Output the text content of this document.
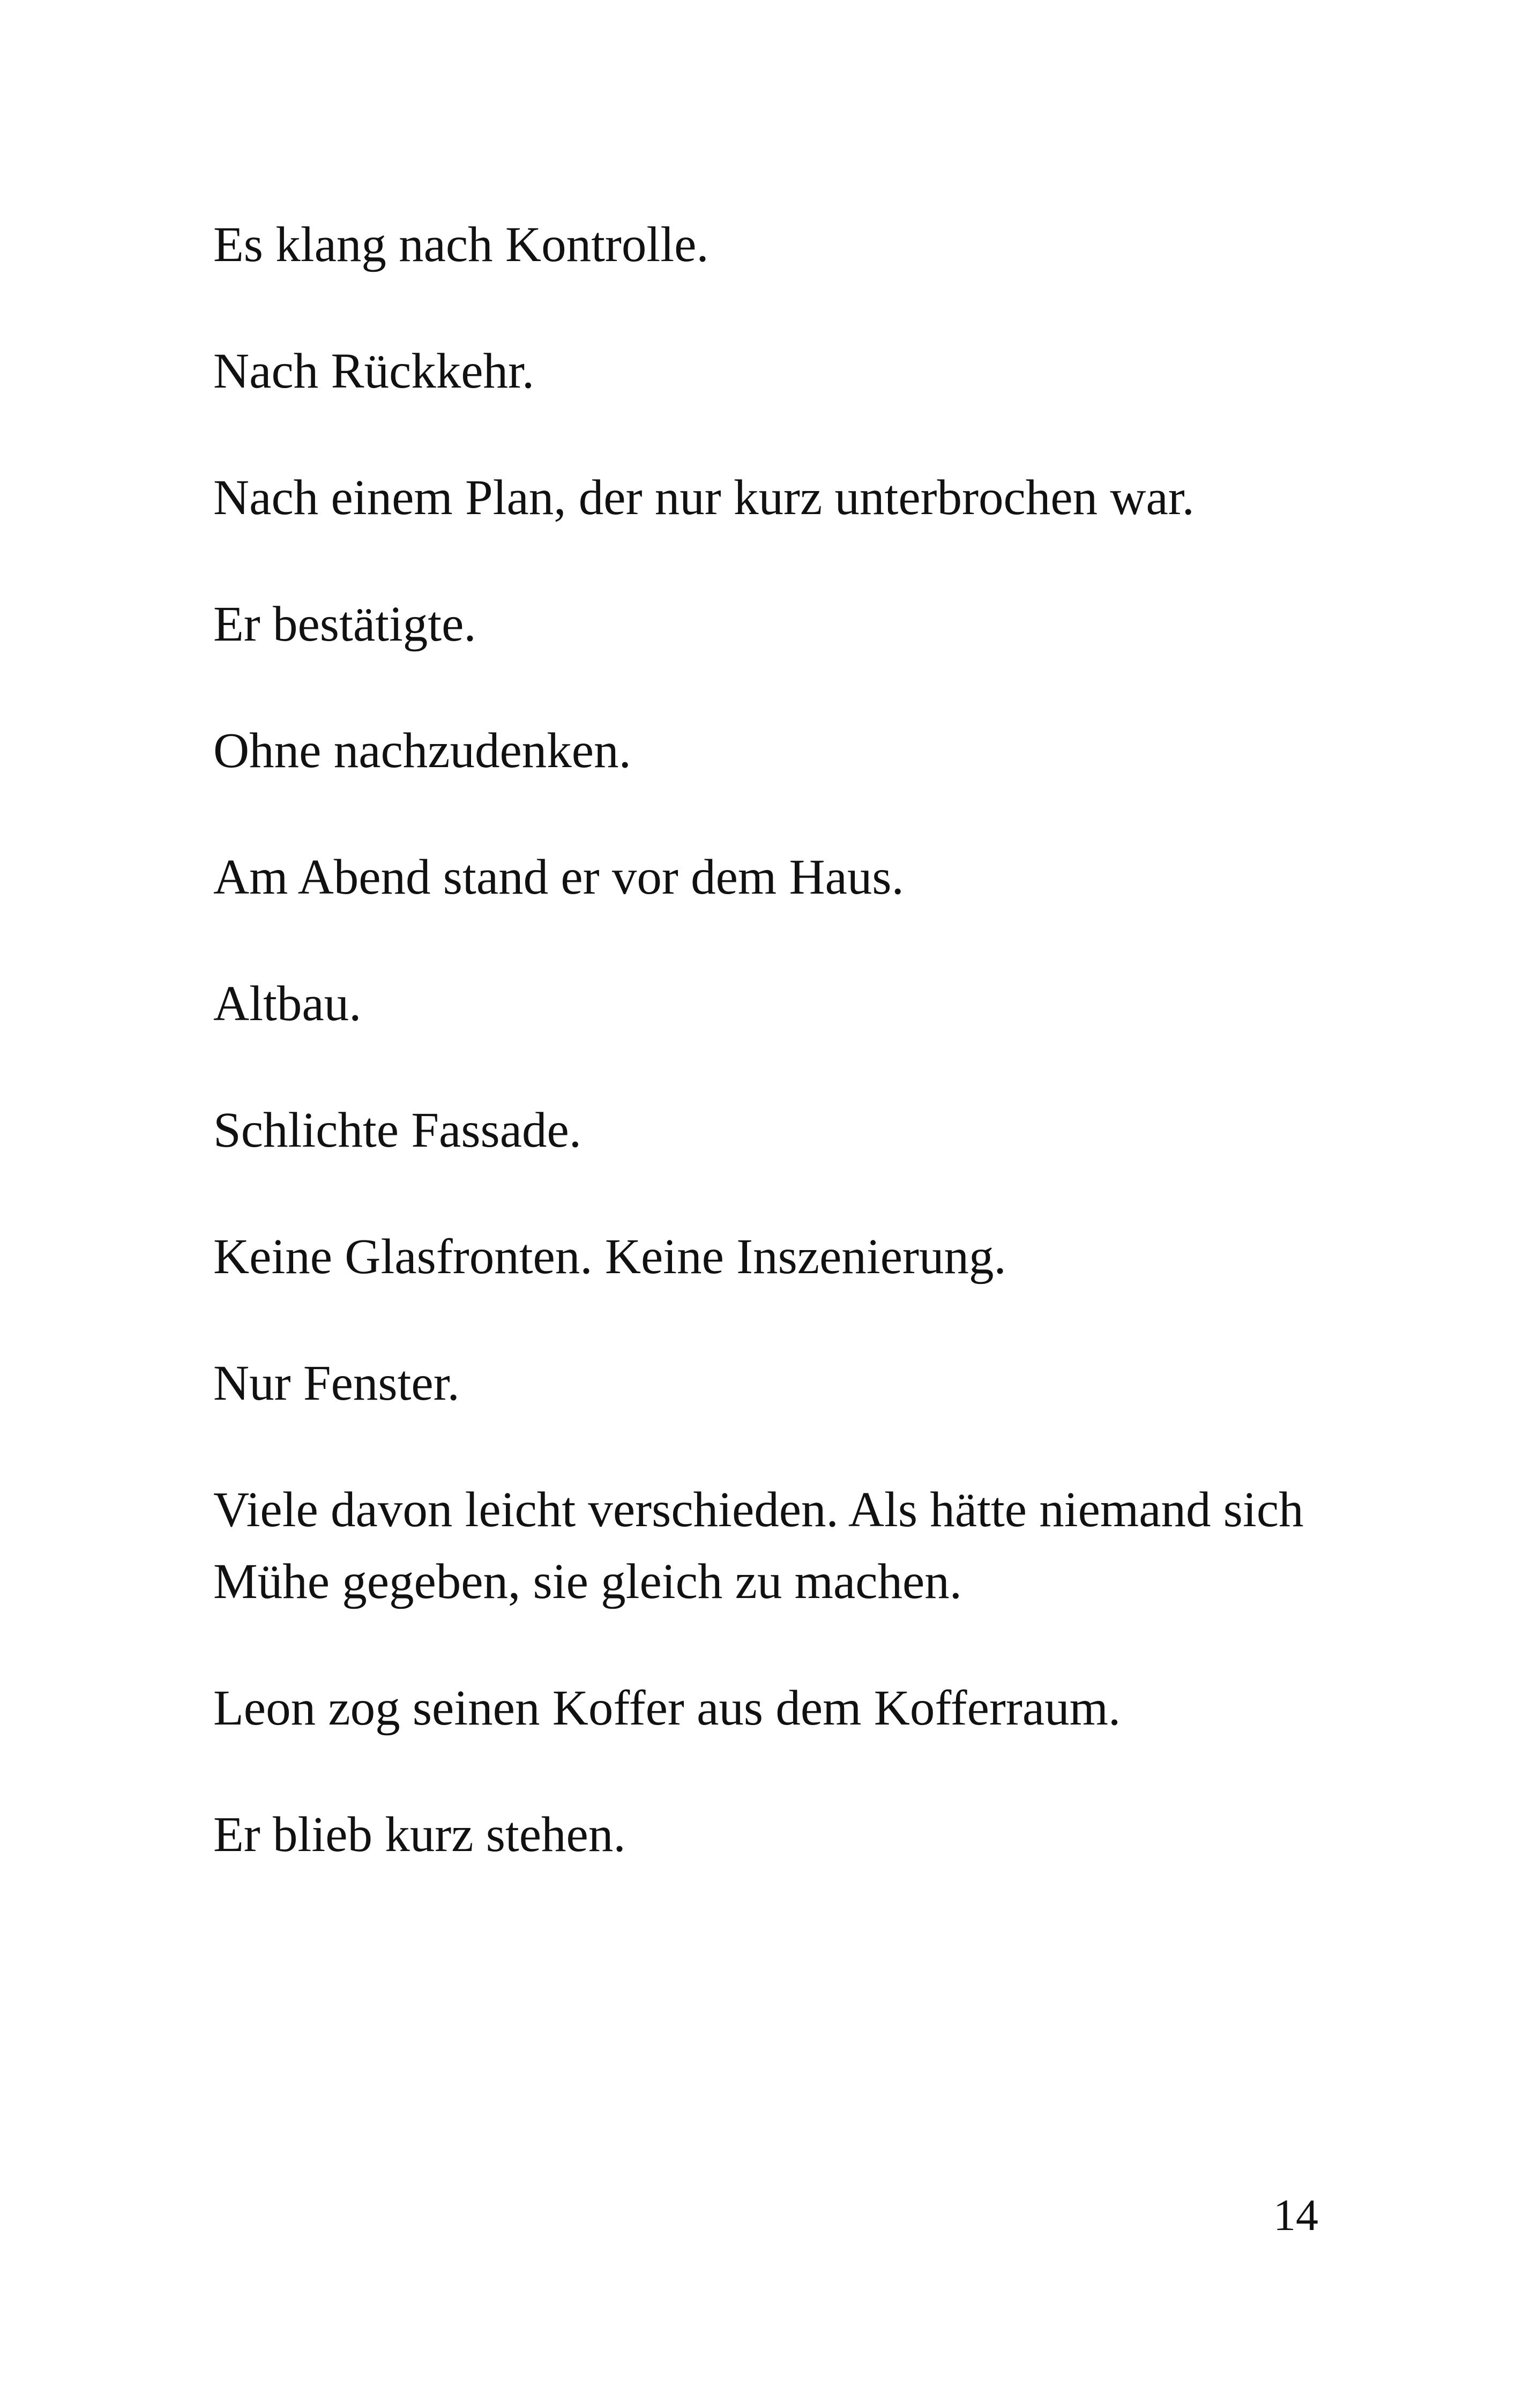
Es klang nach Kontrolle.

Nach Rückkehr.

Nach einem Plan, der nur kurz unterbrochen war.

Er bestätigte.

Ohne nachzudenken.

Am Abend stand er vor dem Haus.

Altbau.

Schlichte Fassade.

Keine Glasfronten. Keine Inszenierung.

Nur Fenster.

Viele davon leicht verschieden. Als hätte niemand sich Mühe gegeben, sie gleich zu machen.

Leon zog seinen Koffer aus dem Kofferraum.

Er blieb kurz stehen.

14
